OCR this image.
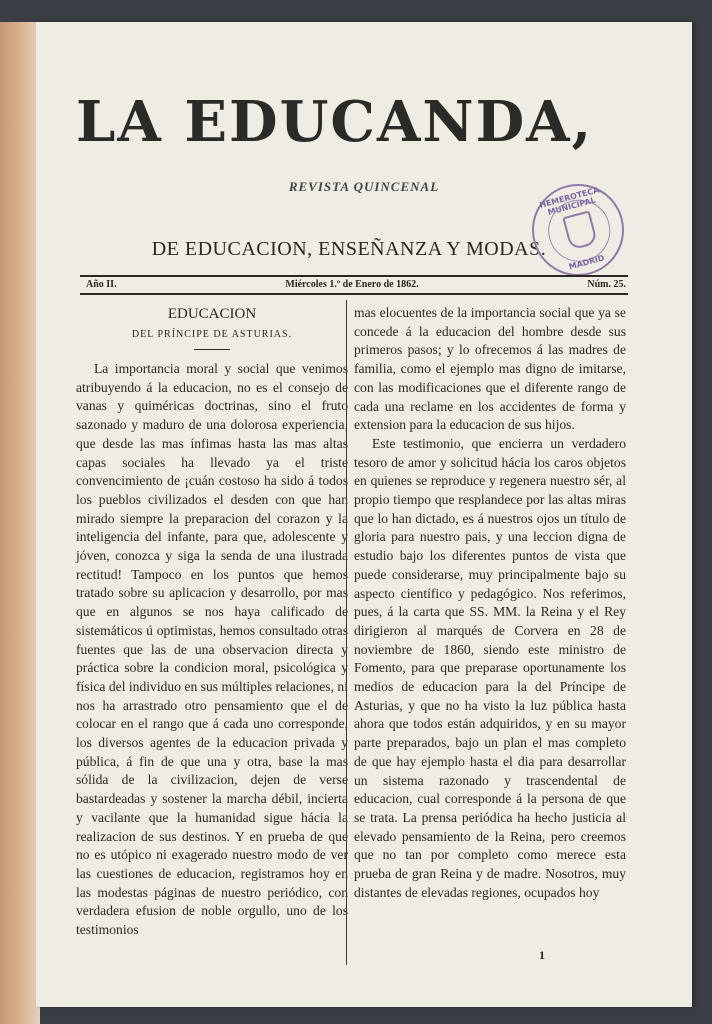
LA EDUCANDA,
REVISTA QUINCENAL
DE EDUCACION, ENSEÑANZA Y MODAS.
HEMEROTECA MUNICIPAL
MADRID
Año II.	Miércoles 1.º de Enero de 1862.	Núm. 25.

EDUCACION

DEL PRÍNCIPE DE ASTURIAS.

La importancia moral y social que venimos atribuyendo á la educacion, no es el consejo de vanas y quiméricas doctrinas, sino el fruto sazonado y maduro de una dolorosa experiencia, que desde las mas ínfimas hasta las mas altas capas sociales ha llevado ya el triste convencimiento de ¡cuán costoso ha sido á todos los pueblos civilizados el desden con que han mirado siempre la preparacion del corazon y la inteligencia del infante, para que, adolescente y jóven, conozca y siga la senda de una ilustrada rectitud! Tampoco en los puntos que hemos tratado sobre su aplicacion y desarrollo, por mas que en algunos se nos haya calificado de sistemáticos ú optimistas, hemos consultado otras fuentes que las de una observacion directa y práctica sobre la condicion moral, psicológica y física del individuo en sus múltiples relaciones, ni nos ha arrastrado otro pensamiento que el de colocar en el rango que á cada uno corresponde, los diversos agentes de la educacion privada y pública, á fin de que una y otra, base la mas sólida de la civilizacion, dejen de verse bastardeadas y sostener la marcha débil, incierta y vacilante que la humanidad sigue hácia la realizacion de sus destinos. Y en prueba de que no es utópico ni exagerado nuestro modo de ver las cuestiones de educacion, registramos hoy en las modestas páginas de nuestro periódico, con verdadera efusion de noble orgullo, uno de los testimonios

mas elocuentes de la importancia social que ya se concede á la educacion del hombre desde sus primeros pasos; y lo ofrecemos á las madres de familia, como el ejemplo mas digno de imitarse, con las modificaciones que el diferente rango de cada una reclame en los accidentes de forma y extension para la educacion de sus hijos.

Este testimonio, que encierra un verdadero tesoro de amor y solicitud hácia los caros objetos en quienes se reproduce y regenera nuestro sér, al propio tiempo que resplandece por las altas miras que lo han dictado, es á nuestros ojos un título de gloria para nuestro pais, y una leccion digna de estudio bajo los diferentes puntos de vista que puede considerarse, muy principalmente bajo su aspecto científico y pedagógico. Nos referimos, pues, á la carta que SS. MM. la Reina y el Rey dirigieron al marqués de Corvera en 28 de noviembre de 1860, siendo este ministro de Fomento, para que preparase oportunamente los medios de educacion para la del Príncipe de Asturias, y que no ha visto la luz pública hasta ahora que todos están adquiridos, y en su mayor parte preparados, bajo un plan el mas completo de que hay ejemplo hasta el dia para desarrollar un sistema razonado y trascendental de educacion, cual corresponde á la persona de que se trata. La prensa periódica ha hecho justicia al elevado pensamiento de la Reina, pero creemos que no tan por completo como merece esta prueba de gran Reina y de madre. Nosotros, muy distantes de elevadas regiones, ocupados hoy

1
